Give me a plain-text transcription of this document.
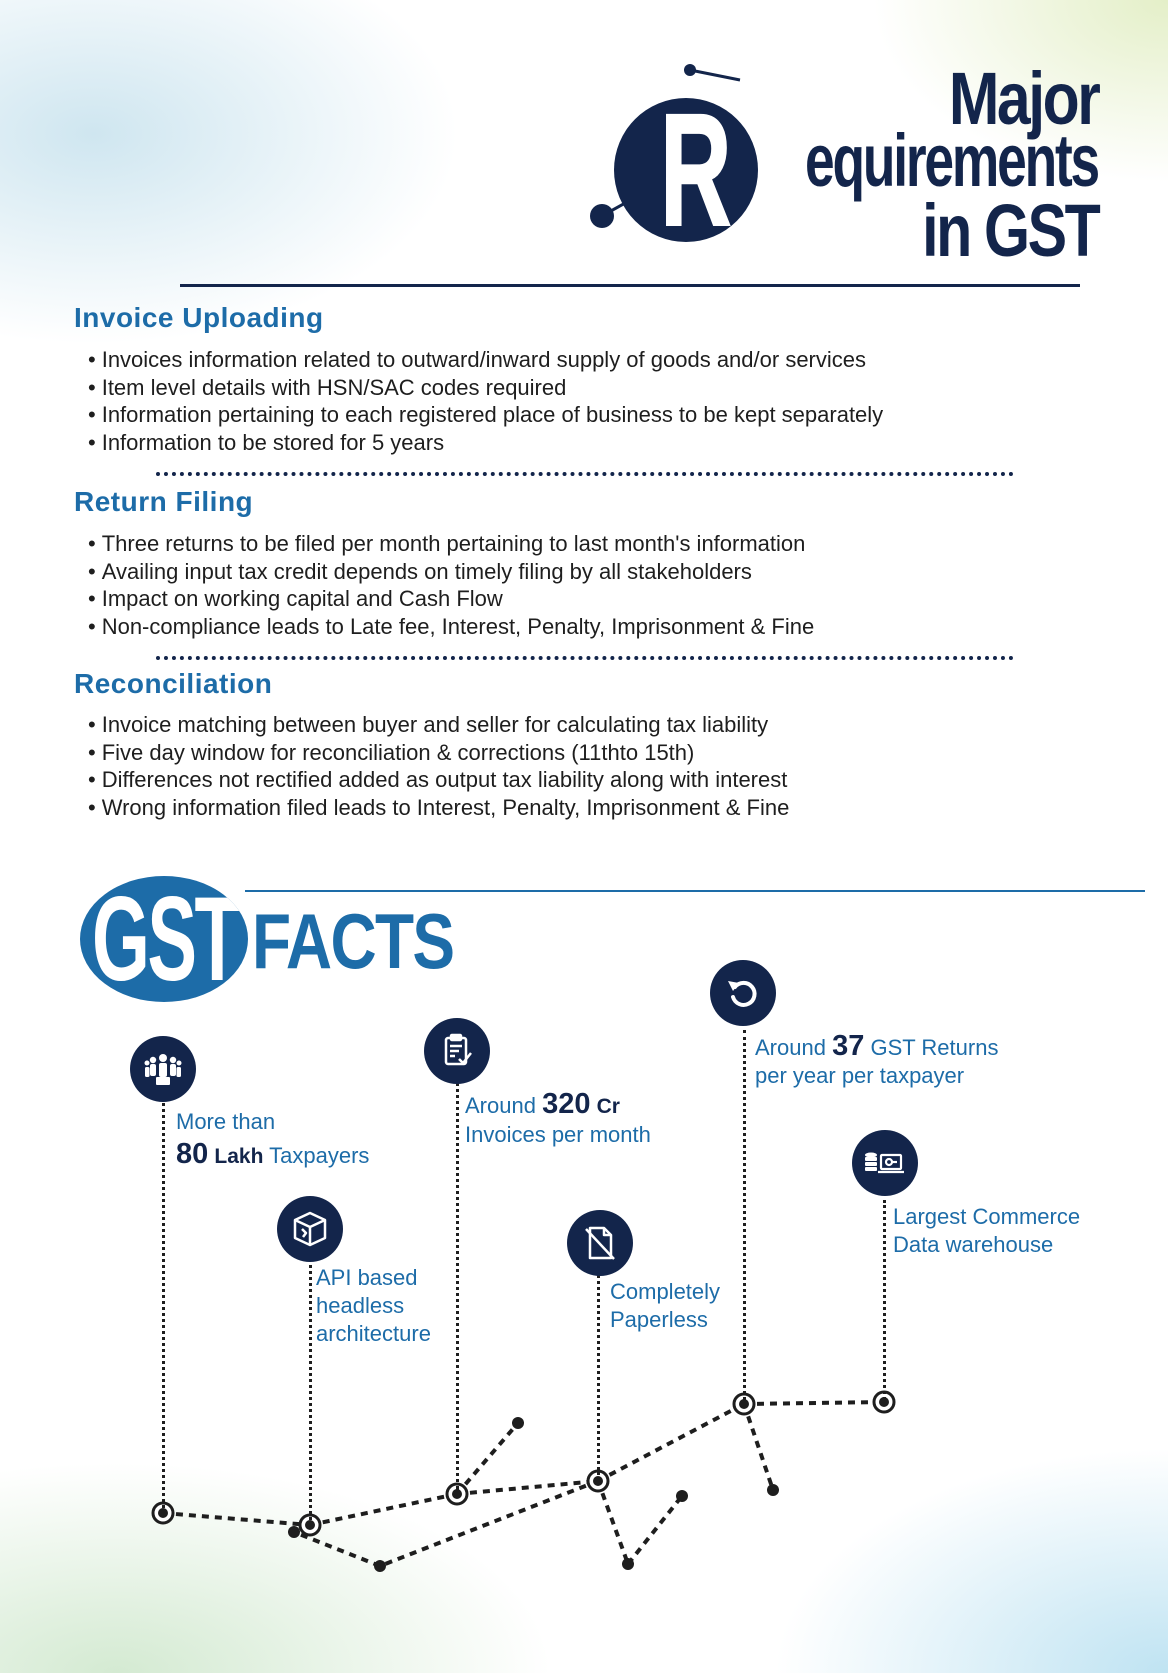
R	Major
equirements
in GST
Invoice Uploading
• Invoices information related to outward/inward supply of goods and/or services
• Item level details with HSN/SAC codes required
• Information pertaining to each registered place of business to be kept separately
• Information to be stored for 5 years
Return Filing
• Three returns to be filed per month pertaining to last month's information
• Availing input tax credit depends on timely filing by all stakeholders
• Impact on working capital and Cash Flow
• Non-compliance leads to Late fee, Interest, Penalty, Imprisonment & Fine
Reconciliation
• Invoice matching between buyer and seller for calculating tax liability
• Five day window for reconciliation & corrections (11thto 15th)
• Differences not rectified added as output tax liability along with interest
• Wrong information filed leads to Interest, Penalty, Imprisonment & Fine
GST FACTS
More than
80 Lakh Taxpayers
API based
headless
architecture
Around 320 Cr
Invoices per month
Completely
Paperless
Around 37 GST Returns
per year per taxpayer
Largest Commerce
Data warehouse
